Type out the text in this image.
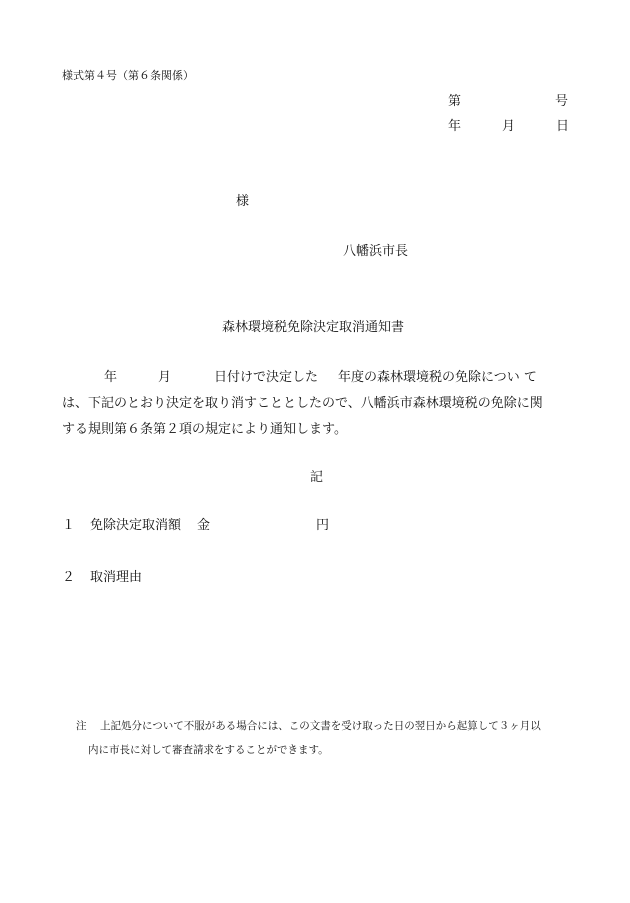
様式第４号（第６条関係）
第	号
年	月	日
様
八幡浜市長
森林環境税免除決定取消通知書
年	月	日付けで決定した 年度の森林環境税の免除につい て
は、下記のとおり決定を取り消すこととしたので、八幡浜市森林環境税の免除に関
する規則第６条第２項の規定により通知します。
記
１ 免除決定取消額 金	円
２ 取消理由
注 上記処分について不服がある場合には、この文書を受け取った日の翌日から起算して３ヶ月以
内に市長に対して審査請求をすることができます。
